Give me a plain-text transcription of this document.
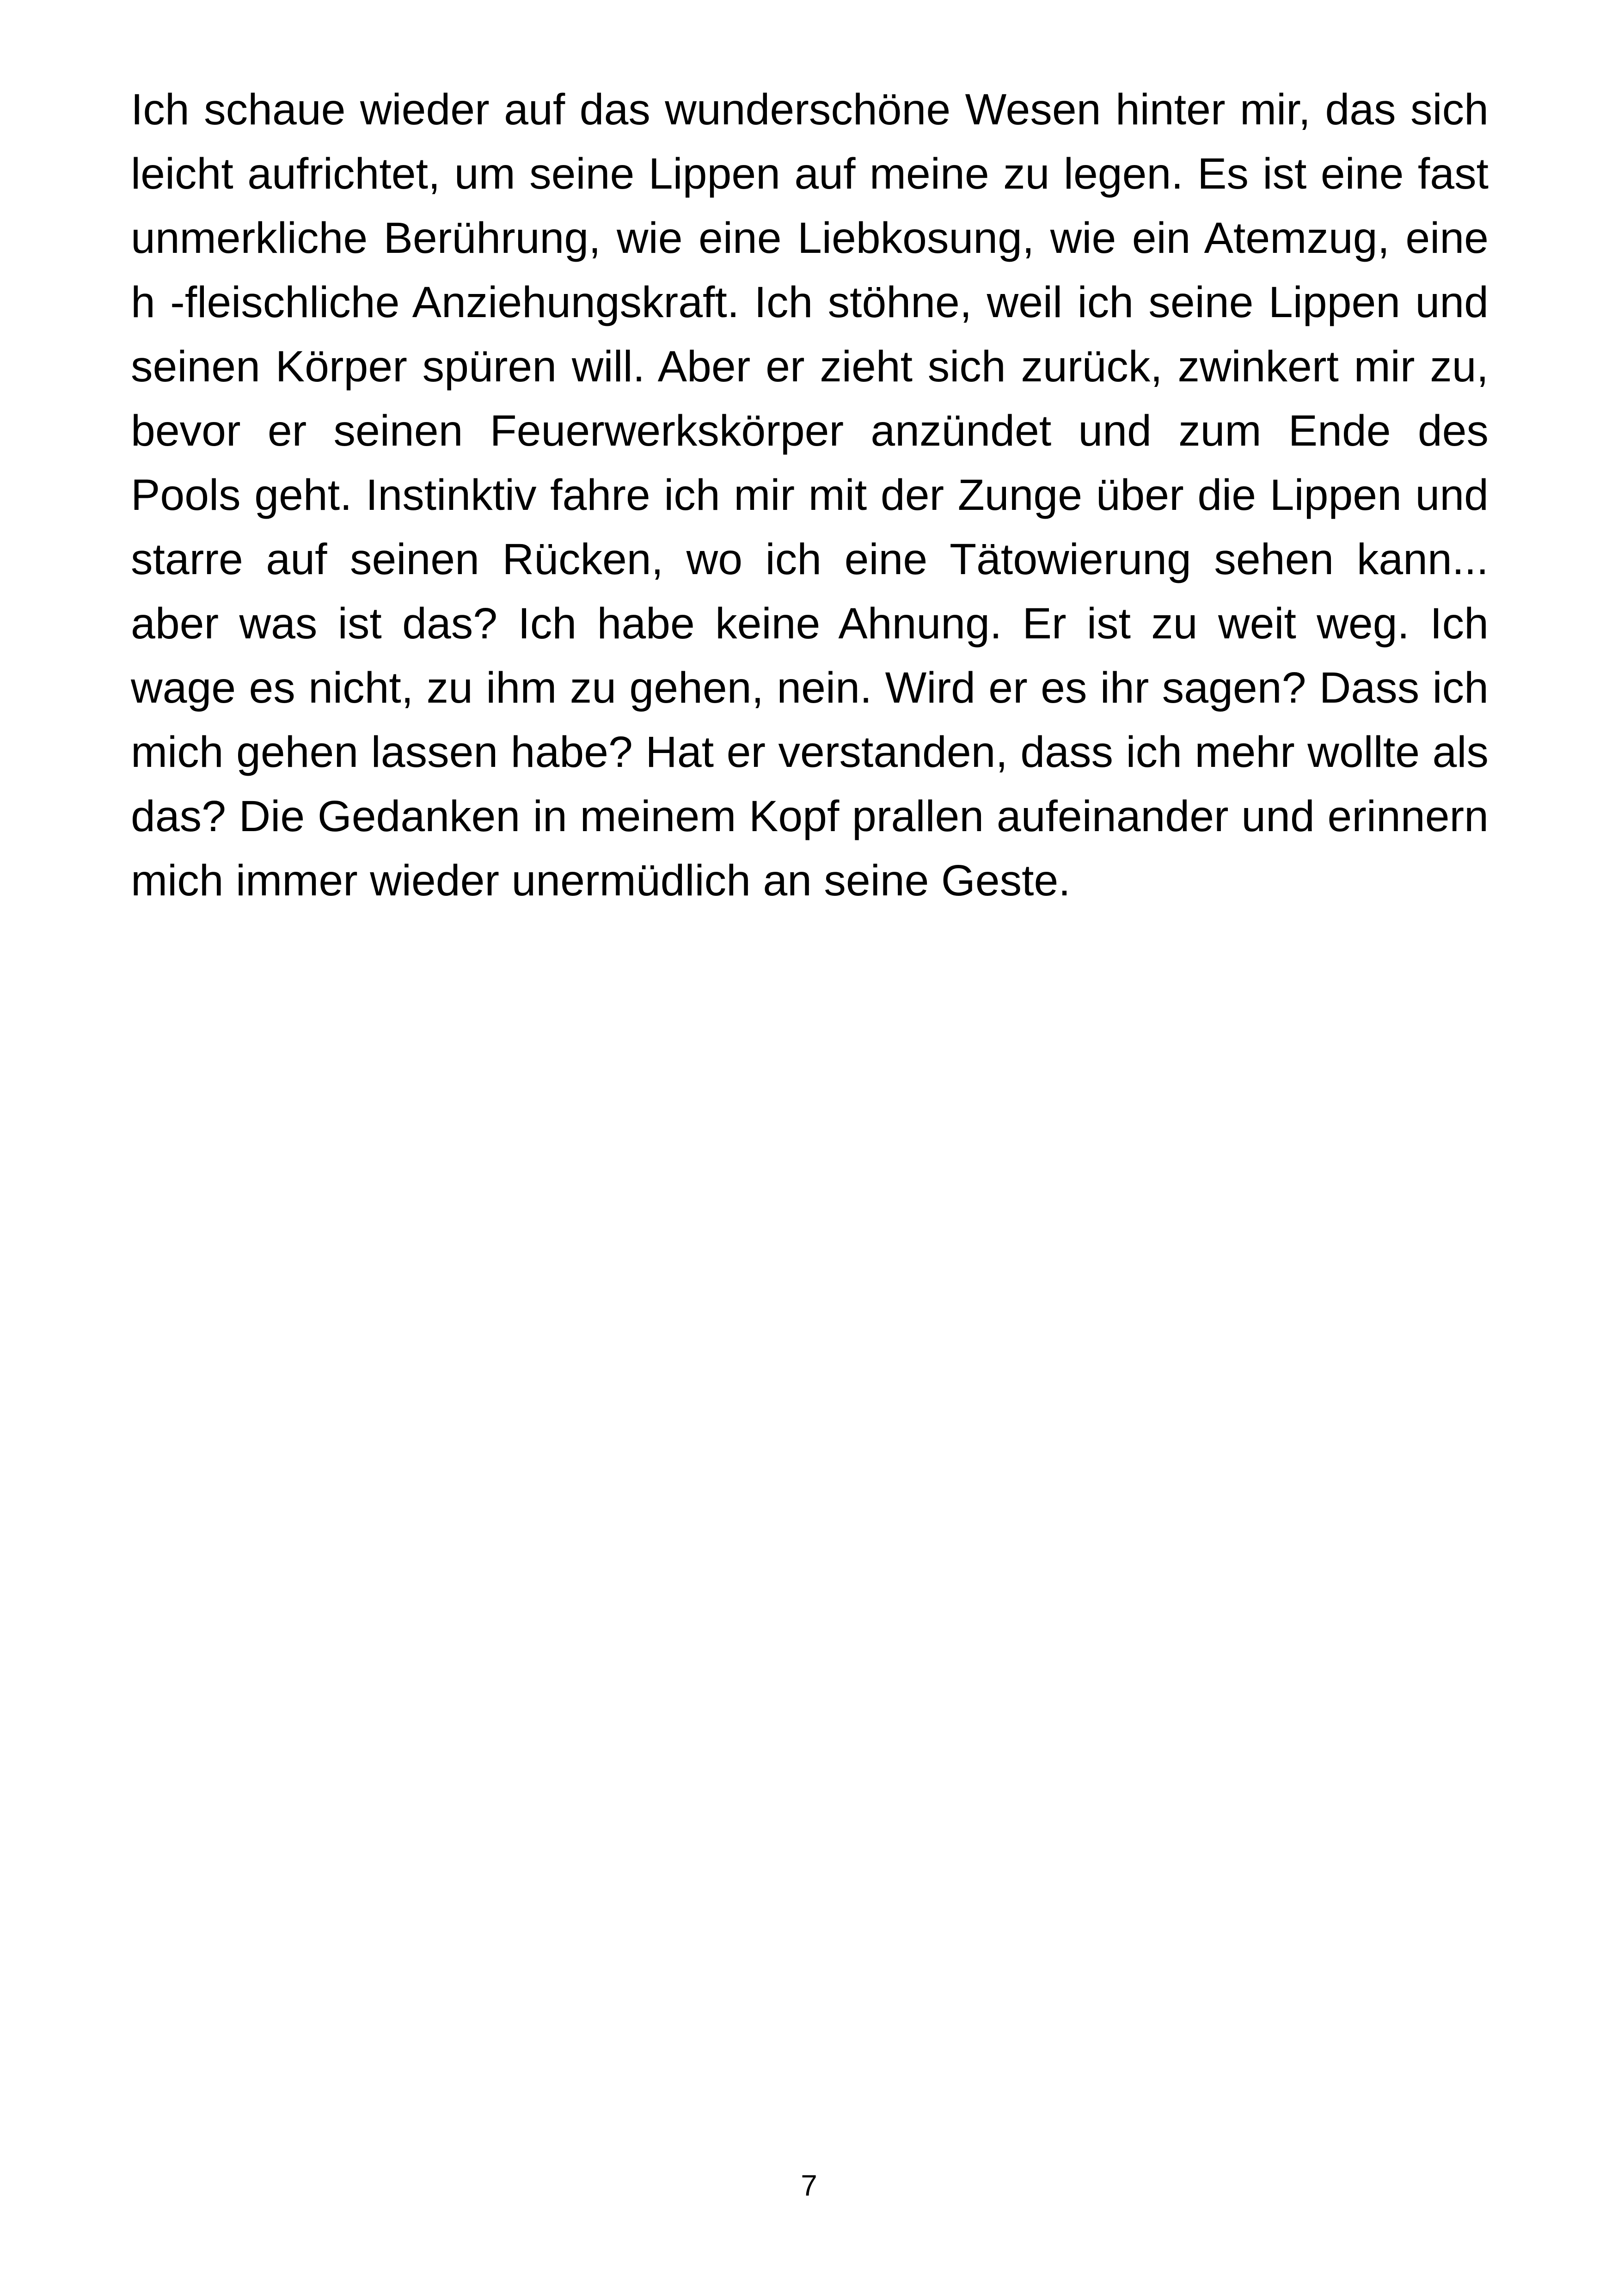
Ich schaue wieder auf das wunderschöne Wesen hinter mir, das sich leicht aufrichtet, um seine Lippen auf meine zu legen. Es ist eine fast unmerkliche Berührung, wie eine Liebkosung, wie ein Atemzug, eine h -fleischliche Anziehungskraft. Ich stöhne, weil ich seine Lippen und seinen Körper spüren will. Aber er zieht sich zurück, zwinkert mir zu, bevor er seinen Feuerwerkskörper anzündet und zum Ende des Pools geht. Instinktiv fahre ich mir mit der Zunge über die Lippen und starre auf seinen Rücken, wo ich eine Tätowierung sehen kann... aber was ist das? Ich habe keine Ahnung. Er ist zu weit weg. Ich wage es nicht, zu ihm zu gehen, nein. Wird er es ihr sagen? Dass ich mich gehen lassen habe? Hat er verstanden, dass ich mehr wollte als das? Die Gedanken in meinem Kopf prallen aufeinander und erinnern mich immer wieder unermüdlich an seine Geste.

7
